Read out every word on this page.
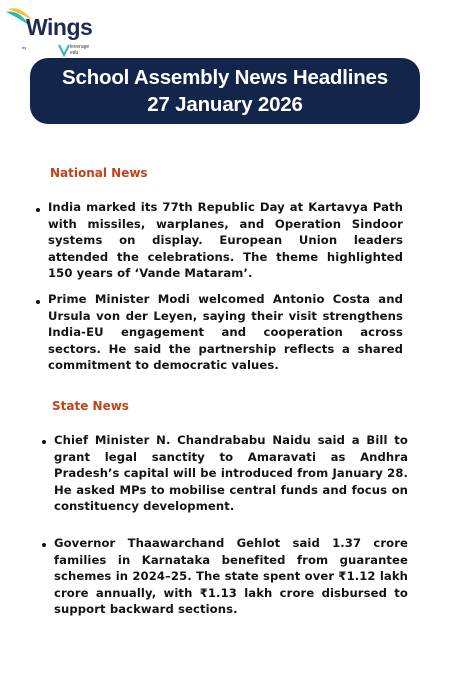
Wings
by	leverage
edu
School Assembly News Headlines
27 January 2026
National News
India marked its 77th Republic Day at Kartavya Path with missiles, warplanes, and Operation Sindoor systems on display. European Union leaders attended the celebrations. The theme highlighted 150 years of ‘Vande Mataram’.
Prime Minister Modi welcomed Antonio Costa and Ursula von der Leyen, saying their visit strengthens India-EU engagement and cooperation across sectors. He said the partnership reflects a shared commitment to democratic values.
State News
Chief Minister N. Chandrababu Naidu said a Bill to grant legal sanctity to Amaravati as Andhra Pradesh’s capital will be introduced from January 28. He asked MPs to mobilise central funds and focus on constituency development.
Governor Thaawarchand Gehlot said 1.37 crore families in Karnataka benefited from guarantee schemes in 2024–25. The state spent over ₹1.12 lakh crore annually, with ₹1.13 lakh crore disbursed to support backward sections.
